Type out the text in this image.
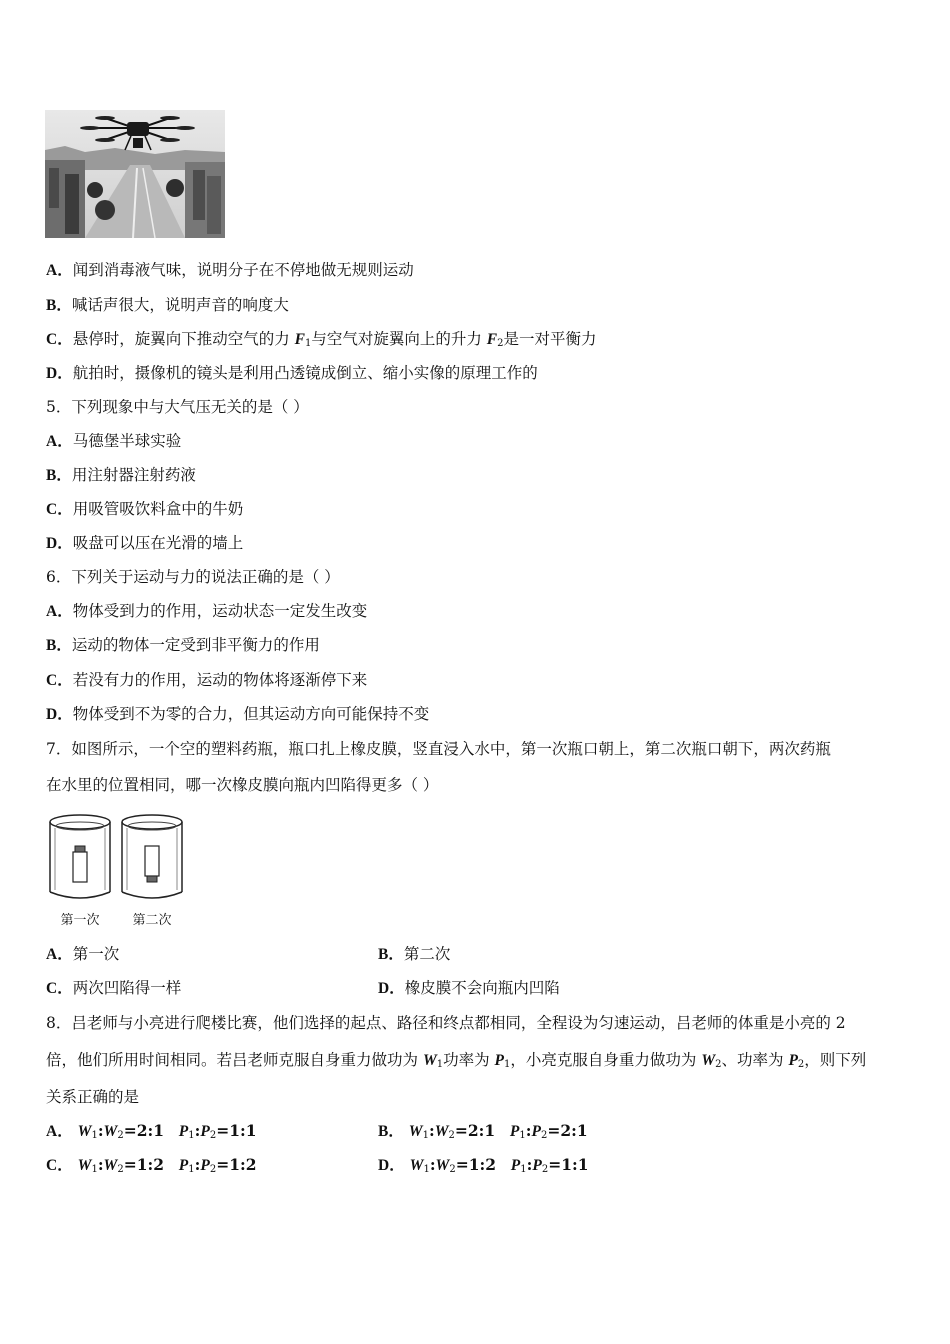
A．闻到消毒液气味，说明分子在不停地做无规则运动
B．喊话声很大，说明声音的响度大
C．悬停时，旋翼向下推动空气的力 $F_1$与空气对旋翼向上的升力 $F_2$是一对平衡力
D．航拍时，摄像机的镜头是利用凸透镜成倒立、缩小实像的原理工作的
5．下列现象中与大气压无关的是（ ）
A．马德堡半球实验
B．用注射器注射药液
C．用吸管吸饮料盒中的牛奶
D．吸盘可以压在光滑的墙上
6．下列关于运动与力的说法正确的是（ ）
A．物体受到力的作用，运动状态一定发生改变
B．运动的物体一定受到非平衡力的作用
C．若没有力的作用，运动的物体将逐渐停下来
D．物体受到不为零的合力，但其运动方向可能保持不变
7．如图所示，一个空的塑料药瓶，瓶口扎上橡皮膜，竖直浸入水中，第一次瓶口朝上，第二次瓶口朝下，两次药瓶
在水里的位置相同，哪一次橡皮膜向瓶内凹陷得更多（ ）
第一次	第二次
A．第一次	B．第二次
C．两次凹陷得一样	D．橡皮膜不会向瓶内凹陷
8．吕老师与小亮进行爬楼比赛，他们选择的起点、路径和终点都相同，全程设为匀速运动，吕老师的体重是小亮的 2
倍，他们所用时间相同。若吕老师克服自身重力做功为 $W_1$功率为 $P_1$，小亮克服自身重力做功为 $W_2$、功率为 $P_2$，则下列
关系正确的是
A． $W_1:W_2=2:1$ $P_1:P_2=1:1$	B． $W_1:W_2=2:1$ $P_1:P_2=2:1$
C． $W_1:W_2=1:2$ $P_1:P_2=1:2$	D． $W_1:W_2=1:2$ $P_1:P_2=1:1$
